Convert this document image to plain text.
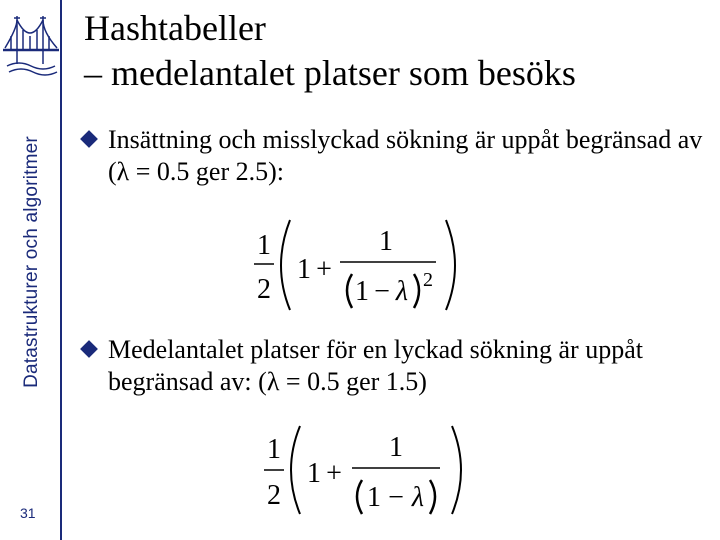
Datastrukturer och algoritmer
31
Hashtabeller
– medelantalet platser som besöks
Insättning och misslyckad sökning är uppåt begränsad av (λ = 0.5 ger 2.5):
1
2
1 +
1
1 − λ 2
Medelantalet platser för en lyckad sökning är uppåt begränsad av: (λ = 0.5 ger 1.5)
1
2
1 +
1
1 − λ
